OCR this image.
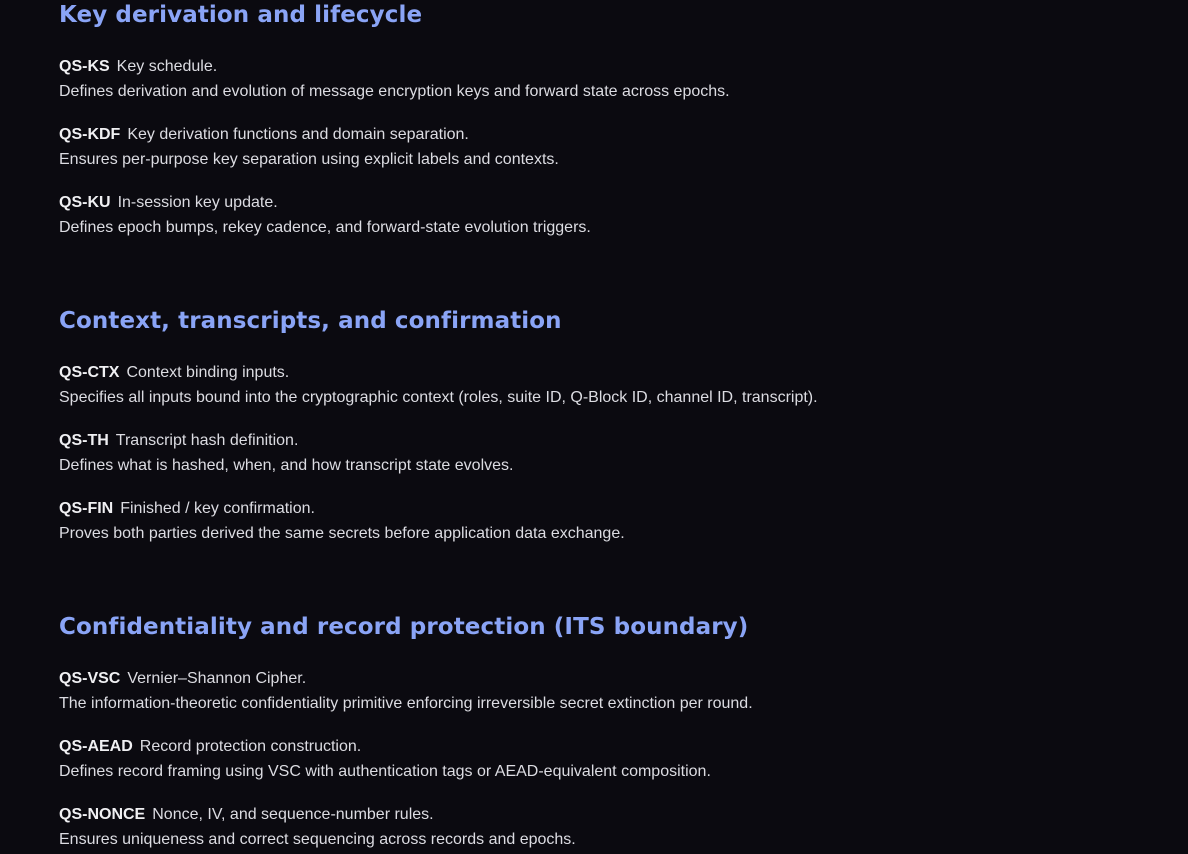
Key derivation and lifecycle

QS-KS Key schedule.
Defines derivation and evolution of message encryption keys and forward state across epochs.

QS-KDF Key derivation functions and domain separation.
Ensures per-purpose key separation using explicit labels and contexts.

QS-KU In-session key update.
Defines epoch bumps, rekey cadence, and forward-state evolution triggers.

Context, transcripts, and confirmation

QS-CTX Context binding inputs.
Specifies all inputs bound into the cryptographic context (roles, suite ID, Q-Block ID, channel ID, transcript).

QS-TH Transcript hash definition.
Defines what is hashed, when, and how transcript state evolves.

QS-FIN Finished / key confirmation.
Proves both parties derived the same secrets before application data exchange.

Confidentiality and record protection (ITS boundary)

QS-VSC Vernier–Shannon Cipher.
The information-theoretic confidentiality primitive enforcing irreversible secret extinction per round.

QS-AEAD Record protection construction.
Defines record framing using VSC with authentication tags or AEAD-equivalent composition.

QS-NONCE Nonce, IV, and sequence-number rules.
Ensures uniqueness and correct sequencing across records and epochs.
